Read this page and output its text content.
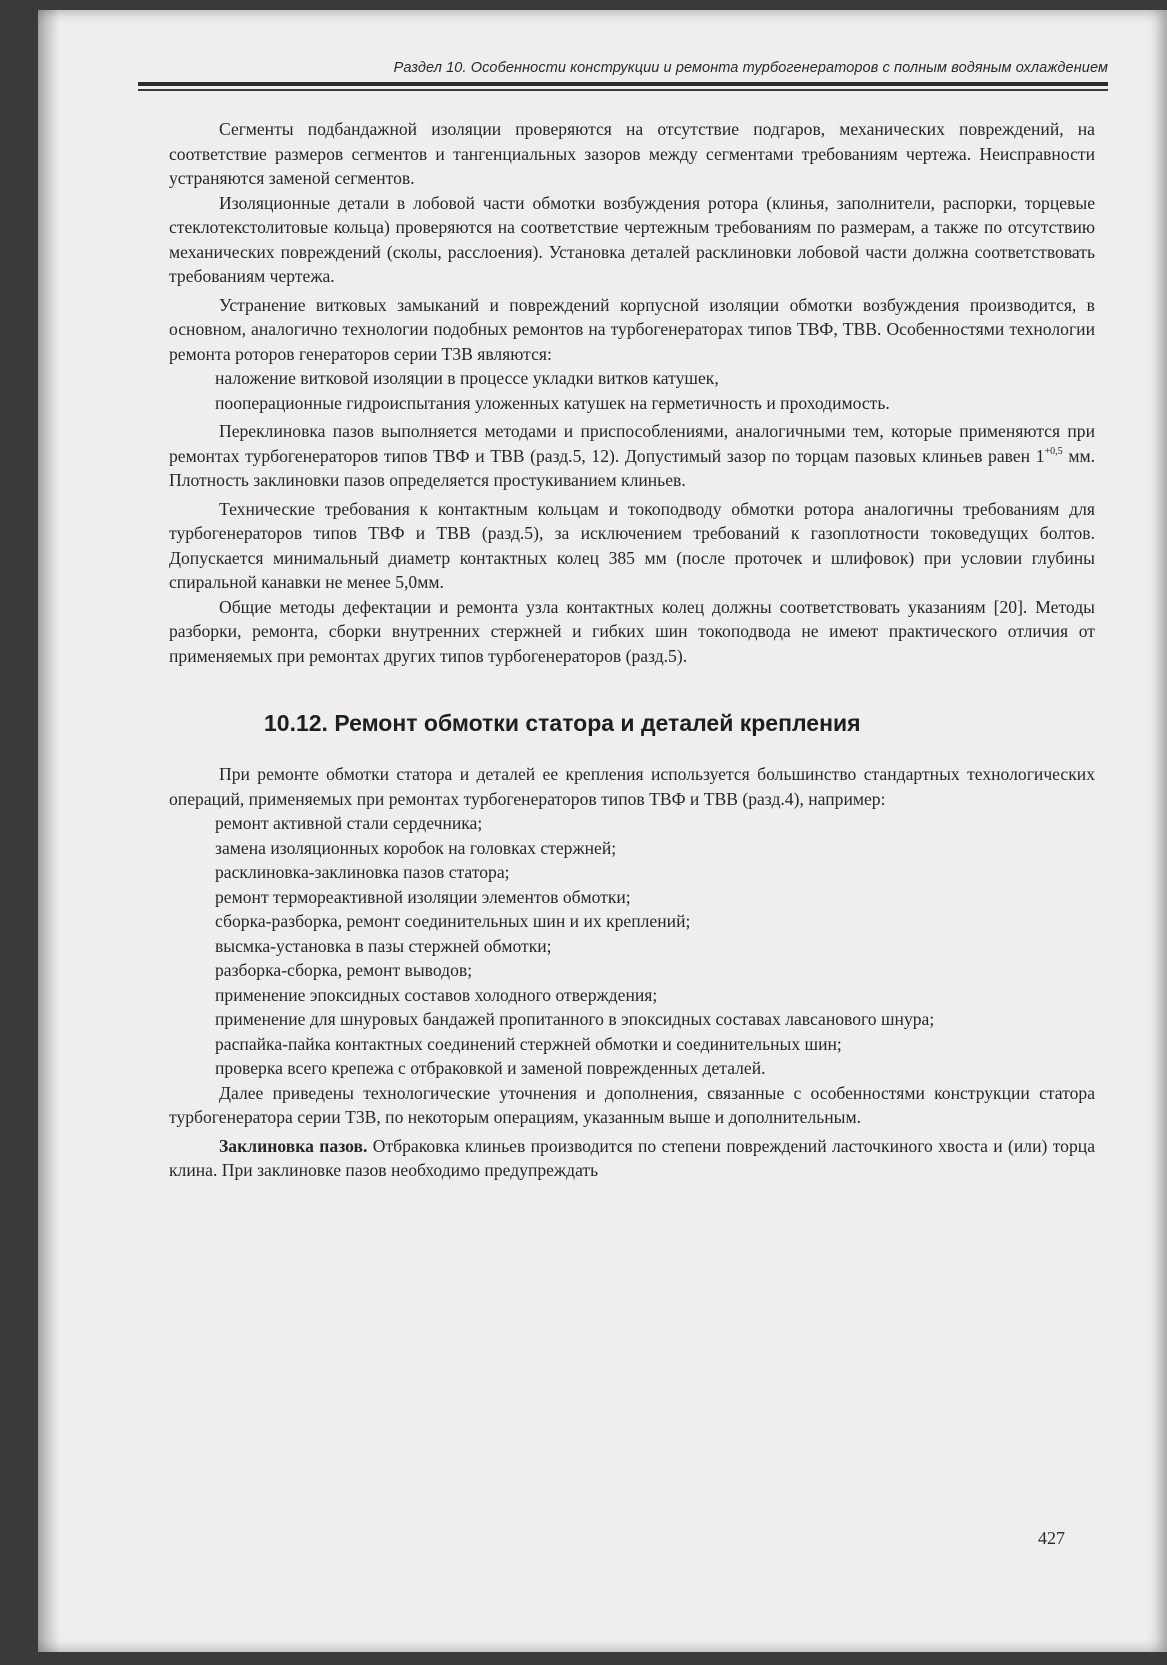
Раздел 10. Особенности конструкции и ремонта турбогенераторов с полным водяным охлаждением

Сегменты подбандажной изоляции проверяются на отсутствие подгаров, механических повреждений, на соответствие размеров сегментов и тангенциальных зазоров между сегментами требованиям чертежа. Неисправности устраняются заменой сегментов.

Изоляционные детали в лобовой части обмотки возбуждения ротора (клинья, заполнители, распорки, торцевые стеклотекстолитовые кольца) проверяются на соответствие чертежным требованиям по размерам, а также по отсутствию механических повреждений (сколы, расслоения). Установка деталей расклиновки лобовой части должна соответствовать требованиям чертежа.

Устранение витковых замыканий и повреждений корпусной изоляции обмотки возбуждения производится, в основном, аналогично технологии подобных ремонтов на турбогенераторах типов ТВФ, ТВВ. Особенностями технологии ремонта роторов генераторов серии Т3В являются:

наложение витковой изоляции в процессе укладки витков катушек,

пооперационные гидроиспытания уложенных катушек на герметичность и проходимость.

Переклиновка пазов выполняется методами и приспособлениями, аналогичными тем, которые применяются при ремонтах турбогенераторов типов ТВФ и ТВВ (разд.5, 12). Допустимый зазор по торцам пазовых клиньев равен $1^{+0,5}$ мм. Плотность заклиновки пазов определяется простукиванием клиньев.

Технические требования к контактным кольцам и токоподводу обмотки ротора аналогичны требованиям для турбогенераторов типов ТВФ и ТВВ (разд.5), за исключением требований к газоплотности токоведущих болтов. Допускается минимальный диаметр контактных колец 385 мм (после проточек и шлифовок) при условии глубины спиральной канавки не менее 5,0мм.

Общие методы дефектации и ремонта узла контактных колец должны соответствовать указаниям [20]. Методы разборки, ремонта, сборки внутренних стержней и гибких шин токоподвода не имеют практического отличия от применяемых при ремонтах других типов турбогенераторов (разд.5).

10.12. Ремонт обмотки статора и деталей крепления

При ремонте обмотки статора и деталей ее крепления используется большинство стандартных технологических операций, применяемых при ремонтах турбогенераторов типов ТВФ и ТВВ (разд.4), например:

ремонт активной стали сердечника;

замена изоляционных коробок на головках стержней;

расклиновка-заклиновка пазов статора;

ремонт термореактивной изоляции элементов обмотки;

сборка-разборка, ремонт соединительных шин и их креплений;

высмка-установка в пазы стержней обмотки;

разборка-сборка, ремонт выводов;

применение эпоксидных составов холодного отверждения;

применение для шнуровых бандажей пропитанного в эпоксидных составах лавсанового шнура;

распайка-пайка контактных соединений стержней обмотки и соединительных шин;

проверка всего крепежа с отбраковкой и заменой поврежденных деталей.

Далее приведены технологические уточнения и дополнения, связанные с особенностями конструкции статора турбогенератора серии Т3В, по некоторым операциям, указанным выше и дополнительным.

Заклиновка пазов. Отбраковка клиньев производится по степени повреждений ласточкиного хвоста и (или) торца клина. При заклиновке пазов необходимо предупреждать

427
